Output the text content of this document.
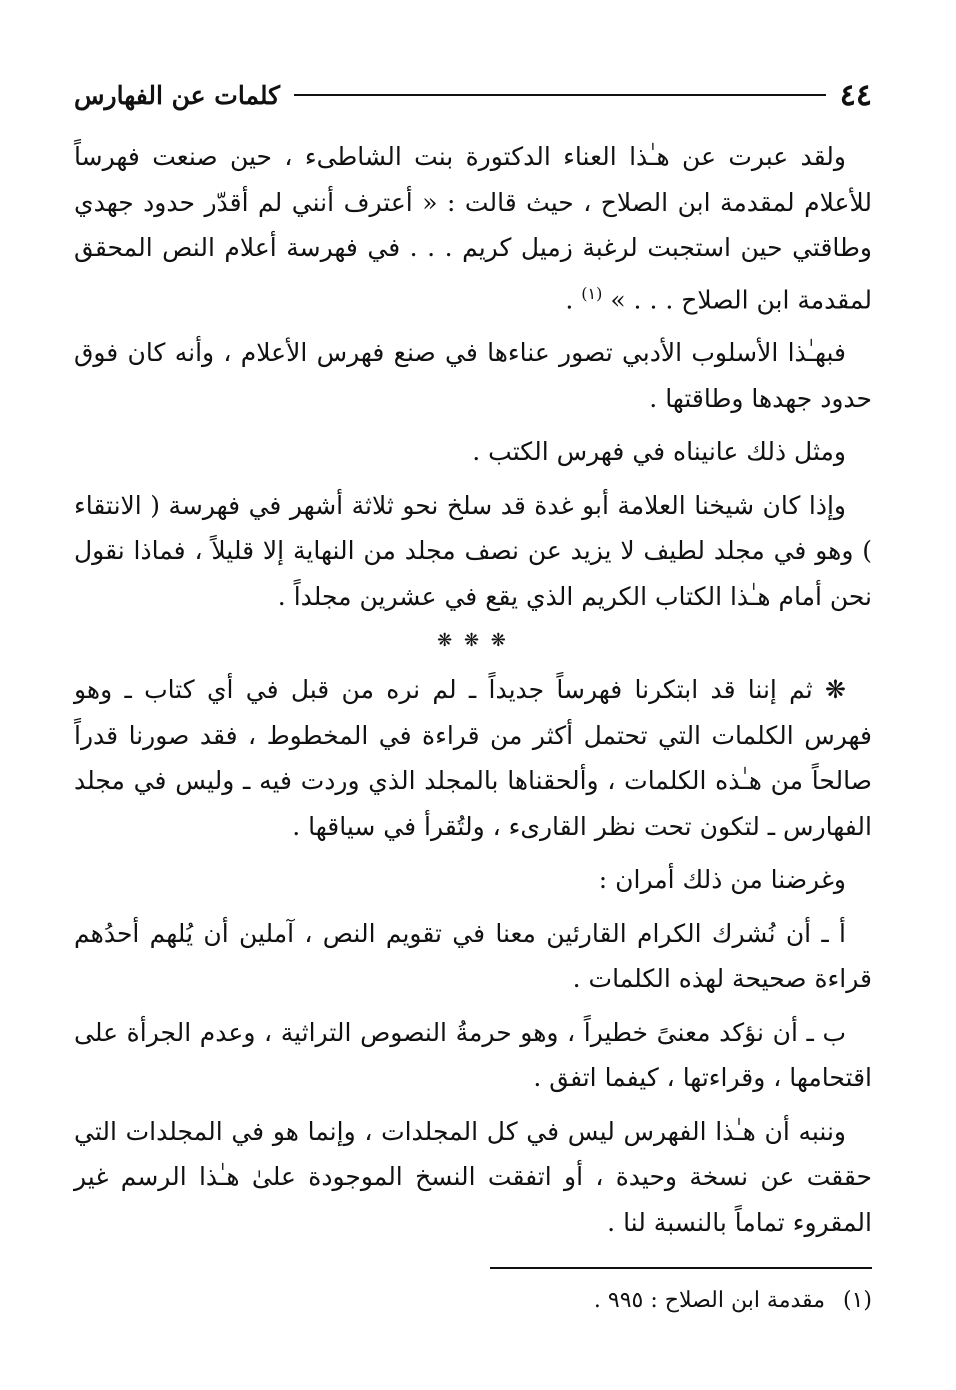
٤٤
كلمات عن الفهارس

ولقد عبرت عن هـٰذا العناء الدكتورة بنت الشاطىء ، حين صنعت فهرساً للأعلام لمقدمة ابن الصلاح ، حيث قالت : « أعترف أنني لم أقدّر حدود جهدي وطاقتي حين استجبت لرغبة زميل كريم . . . في فهرسة أعلام النص المحقق لمقدمة ابن الصلاح . . . » $^{(١)}$ .

فبهـٰذا الأسلوب الأدبي تصور عناءها في صنع فهرس الأعلام ، وأنه كان فوق حدود جهدها وطاقتها .

ومثل ذلك عانيناه في فهرس الكتب .

وإذا كان شيخنا العلامة أبو غدة قد سلخ نحو ثلاثة أشهر في فهرسة ( الانتقاء ) وهو في مجلد لطيف لا يزيد عن نصف مجلد من النهاية إلا قليلاً ، فماذا نقول نحن أمام هـٰذا الكتاب الكريم الذي يقع في عشرين مجلداً .

❋ ❋ ❋

❋ ثم إننا قد ابتكرنا فهرساً جديداً ـ لم نره من قبل في أي كتاب ـ وهو فهرس الكلمات التي تحتمل أكثر من قراءة في المخطوط ، فقد صورنا قدراً صالحاً من هـٰذه الكلمات ، وألحقناها بالمجلد الذي وردت فيه ـ وليس في مجلد الفهارس ـ لتكون تحت نظر القارىء ، ولتُقرأ في سياقها .

وغرضنا من ذلك أمران :

أ ـ أن نُشرك الكرام القارئين معنا في تقويم النص ، آملين أن يُلهم أحدُهم قراءة صحيحة لهذه الكلمات .

ب ـ أن نؤكد معنىً خطيراً ، وهو حرمةُ النصوص التراثية ، وعدم الجرأة على اقتحامها ، وقراءتها ، كيفما اتفق .

وننبه أن هـٰذا الفهرس ليس في كل المجلدات ، وإنما هو في المجلدات التي حققت عن نسخة وحيدة ، أو اتفقت النسخ الموجودة علىٰ هـٰذا الرسم غير المقروء تماماً بالنسبة لنا .

(١)مقدمة ابن الصلاح : ٩٩٥ .
